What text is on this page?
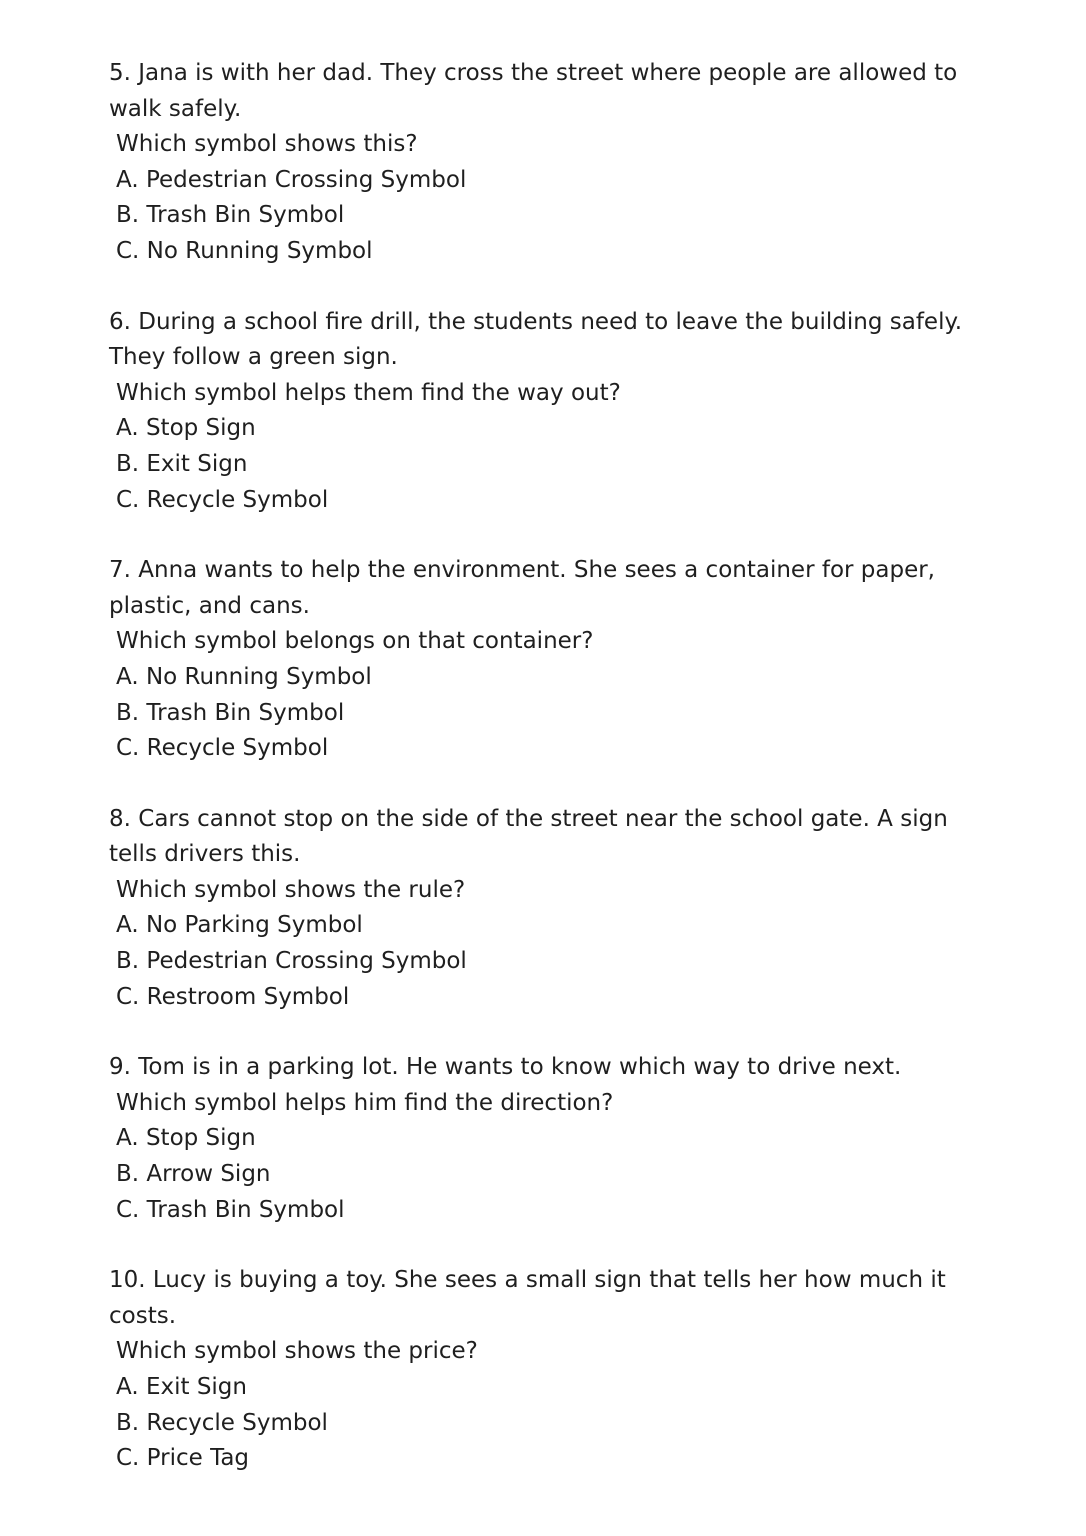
5. Jana is with her dad. They cross the street where people are allowed to walk safely.

Which symbol shows this?

A. Pedestrian Crossing Symbol

B. Trash Bin Symbol

C. No Running Symbol

6. During a school fire drill, the students need to leave the building safely. They follow a green sign.

Which symbol helps them find the way out?

A. Stop Sign

B. Exit Sign

C. Recycle Symbol

7. Anna wants to help the environment. She sees a container for paper, plastic, and cans.

Which symbol belongs on that container?

A. No Running Symbol

B. Trash Bin Symbol

C. Recycle Symbol

8. Cars cannot stop on the side of the street near the school gate. A sign tells drivers this.

Which symbol shows the rule?

A. No Parking Symbol

B. Pedestrian Crossing Symbol

C. Restroom Symbol

9. Tom is in a parking lot. He wants to know which way to drive next.

Which symbol helps him find the direction?

A. Stop Sign

B. Arrow Sign

C. Trash Bin Symbol

10. Lucy is buying a toy. She sees a small sign that tells her how much it costs.

Which symbol shows the price?

A. Exit Sign

B. Recycle Symbol

C. Price Tag
